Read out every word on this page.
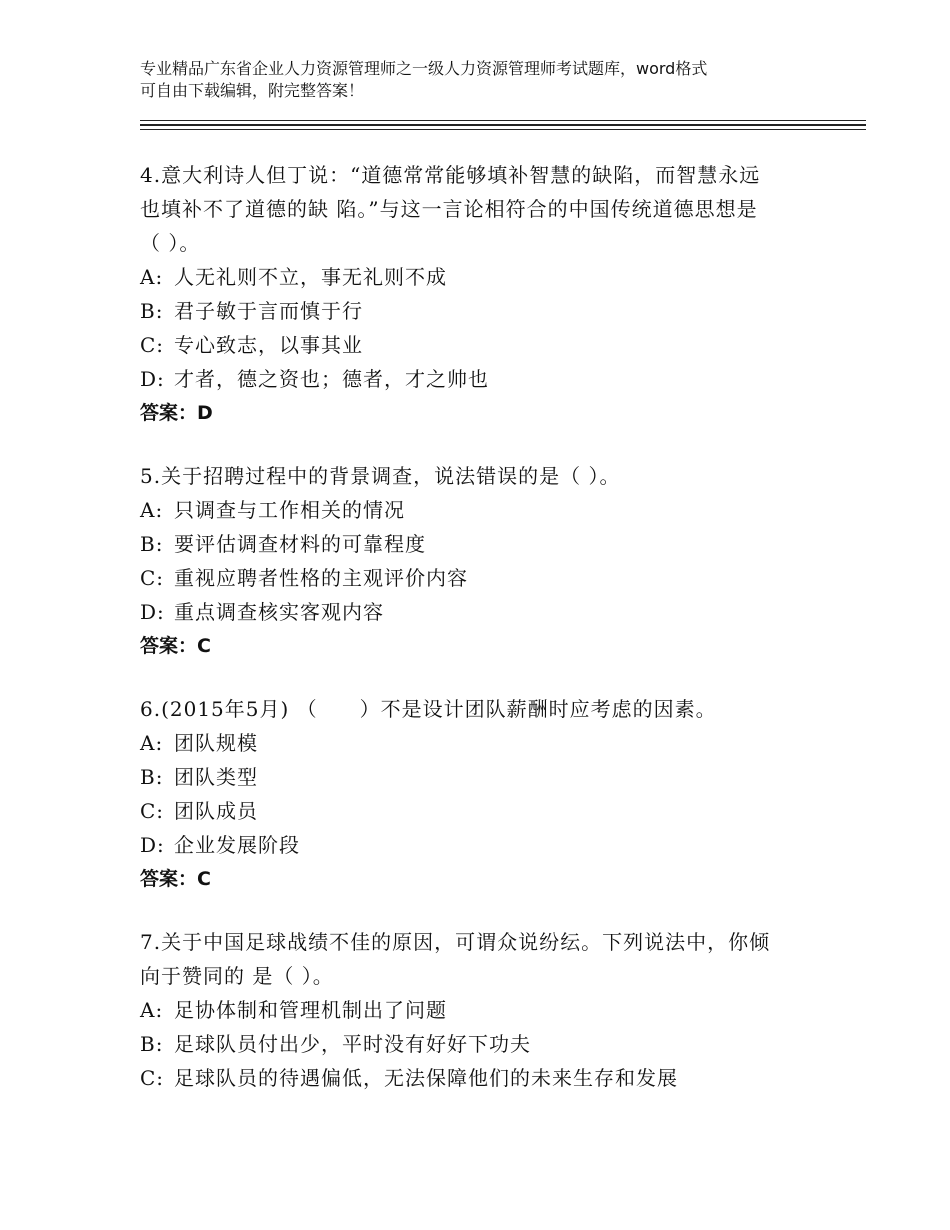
专业精品广东省企业人力资源管理师之一级人力资源管理师考试题库，word格式
可自由下载编辑，附完整答案！
4.意大利诗人但丁说：“道德常常能够填补智慧的缺陷，而智慧永远
也填补不了道德的缺 陷。”与这一言论相符合的中国传统道德思想是
（ ）。
A: 人无礼则不立，事无礼则不成
B: 君子敏于言而慎于行
C: 专心致志，以事其业
D: 才者，德之资也；德者，才之帅也
答案：D
5.关于招聘过程中的背景调查，说法错误的是（ ）。
A: 只调查与工作相关的情况
B: 要评估调查材料的可靠程度
C: 重视应聘者性格的主观评价内容
D: 重点调查核实客观内容
答案：C
6.(2015年5月) （　　）不是设计团队薪酬时应考虑的因素。
A: 团队规模
B: 团队类型
C: 团队成员
D: 企业发展阶段
答案：C
7.关于中国足球战绩不佳的原因，可谓众说纷纭。下列说法中，你倾
向于赞同的 是（ ）。
A: 足协体制和管理机制出了问题
B: 足球队员付出少，平时没有好好下功夫
C: 足球队员的待遇偏低，无法保障他们的未来生存和发展
